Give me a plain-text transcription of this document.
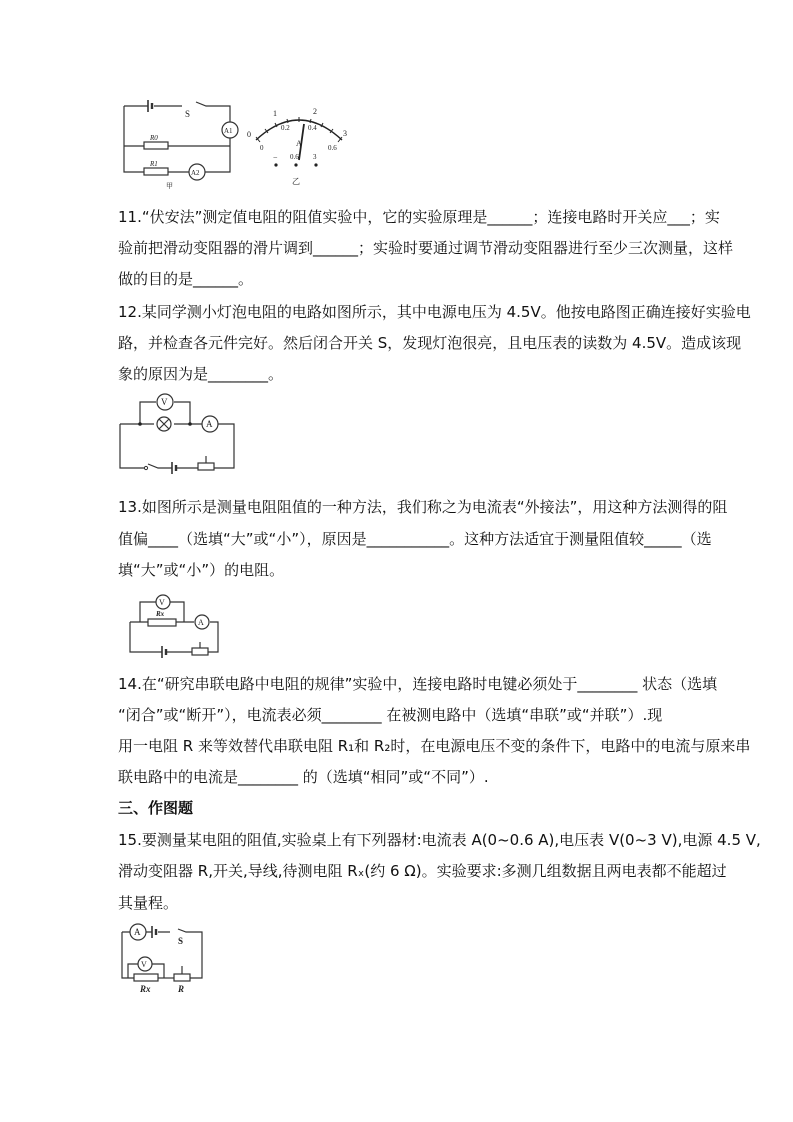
S
A1
A2
R0
R1
甲
0
1	2
3
0
0.2	0.4
0.6
A
− 0.6 3
乙
11.“伏安法”测定值电阻的阻值实验中，它的实验原理是______；连接电路时开关应___；实
验前把滑动变阻器的滑片调到______；实验时要通过调节滑动变阻器进行至少三次测量，这样
做的目的是______。
12.某同学测小灯泡电阻的电路如图所示，其中电源电压为 4.5V。他按电路图正确连接好实验电
路，并检查各元件完好。然后闭合开关 S，发现灯泡很亮，且电压表的读数为 4.5V。造成该现
象的原因为是________。
V
A
13.如图所示是测量电阻阻值的一种方法，我们称之为电流表“外接法”，用这种方法测得的阻
值偏____（选填“大”或“小”），原因是___________。这种方法适宜于测量阻值较_____（选
填“大”或“小”）的电阻。
V
A
Rx
14.在“研究串联电路中电阻的规律”实验中，连接电路时电键必须处于________ 状态（选填
“闭合”或“断开”），电流表必须________ 在被测电路中（选填“串联”或“并联”）.现
用一电阻 R 来等效替代串联电阻 R₁和 R₂时，在电源电压不变的条件下，电路中的电流与原来串
联电路中的电流是________ 的（选填“相同”或“不同”）.
三、作图题
15.要测量某电阻的阻值,实验桌上有下列器材:电流表 A(0~0.6 A),电压表 V(0~3 V),电源 4.5 V,
滑动变阻器 R,开关,导线,待测电阻 Rₓ(约 6 Ω)。实验要求:多测几组数据且两电表都不能超过
其量程。
A
V
S
Rx	R
